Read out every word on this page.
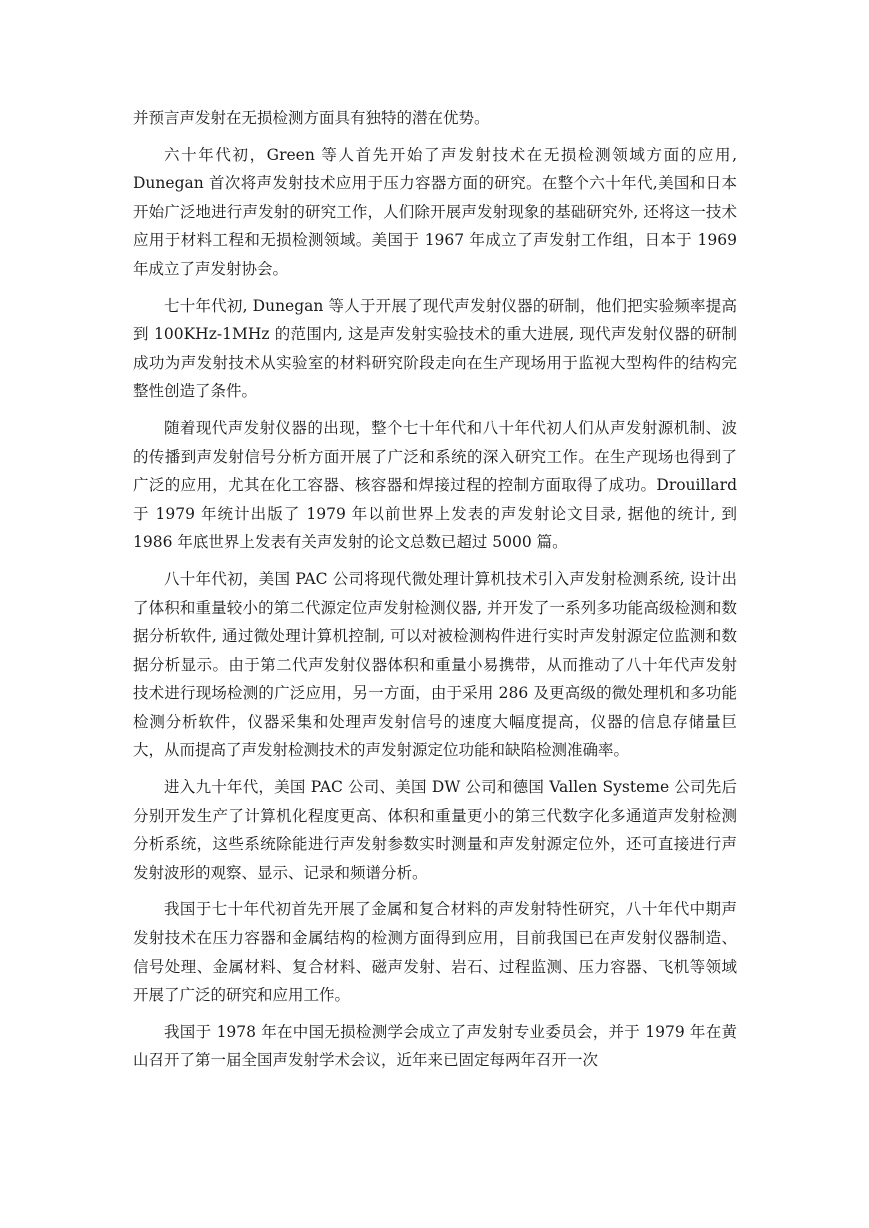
并预言声发射在无损检测方面具有独特的潜在优势。

六十年代初，Green 等人首先开始了声发射技术在无损检测领域方面的应用, Dunegan 首次将声发射技术应用于压力容器方面的研究。在整个六十年代,美国和日本开始广泛地进行声发射的研究工作，人们除开展声发射现象的基础研究外, 还将这一技术应用于材料工程和无损检测领域。美国于 1967 年成立了声发射工作组，日本于 1969 年成立了声发射协会。

七十年代初, Dunegan 等人于开展了现代声发射仪器的研制，他们把实验频率提高到 100KHz-1MHz 的范围内, 这是声发射实验技术的重大进展, 现代声发射仪器的研制成功为声发射技术从实验室的材料研究阶段走向在生产现场用于监视大型构件的结构完整性创造了条件。

随着现代声发射仪器的出现，整个七十年代和八十年代初人们从声发射源机制、波的传播到声发射信号分析方面开展了广泛和系统的深入研究工作。在生产现场也得到了广泛的应用，尤其在化工容器、核容器和焊接过程的控制方面取得了成功。Drouillard 于 1979 年统计出版了 1979 年以前世界上发表的声发射论文目录, 据他的统计, 到 1986 年底世界上发表有关声发射的论文总数已超过 5000 篇。

八十年代初，美国 PAC 公司将现代微处理计算机技术引入声发射检测系统, 设计出了体积和重量较小的第二代源定位声发射检测仪器, 并开发了一系列多功能高级检测和数据分析软件, 通过微处理计算机控制, 可以对被检测构件进行实时声发射源定位监测和数据分析显示。由于第二代声发射仪器体积和重量小易携带，从而推动了八十年代声发射技术进行现场检测的广泛应用，另一方面，由于采用 286 及更高级的微处理机和多功能检测分析软件，仪器采集和处理声发射信号的速度大幅度提高，仪器的信息存储量巨大，从而提高了声发射检测技术的声发射源定位功能和缺陷检测准确率。

进入九十年代，美国 PAC 公司、美国 DW 公司和德国 Vallen Systeme 公司先后分别开发生产了计算机化程度更高、体积和重量更小的第三代数字化多通道声发射检测分析系统，这些系统除能进行声发射参数实时测量和声发射源定位外，还可直接进行声发射波形的观察、显示、记录和频谱分析。

我国于七十年代初首先开展了金属和复合材料的声发射特性研究，八十年代中期声发射技术在压力容器和金属结构的检测方面得到应用，目前我国已在声发射仪器制造、信号处理、金属材料、复合材料、磁声发射、岩石、过程监测、压力容器、飞机等领域开展了广泛的研究和应用工作。

我国于 1978 年在中国无损检测学会成立了声发射专业委员会，并于 1979 年在黄山召开了第一届全国声发射学术会议，近年来已固定每两年召开一次
